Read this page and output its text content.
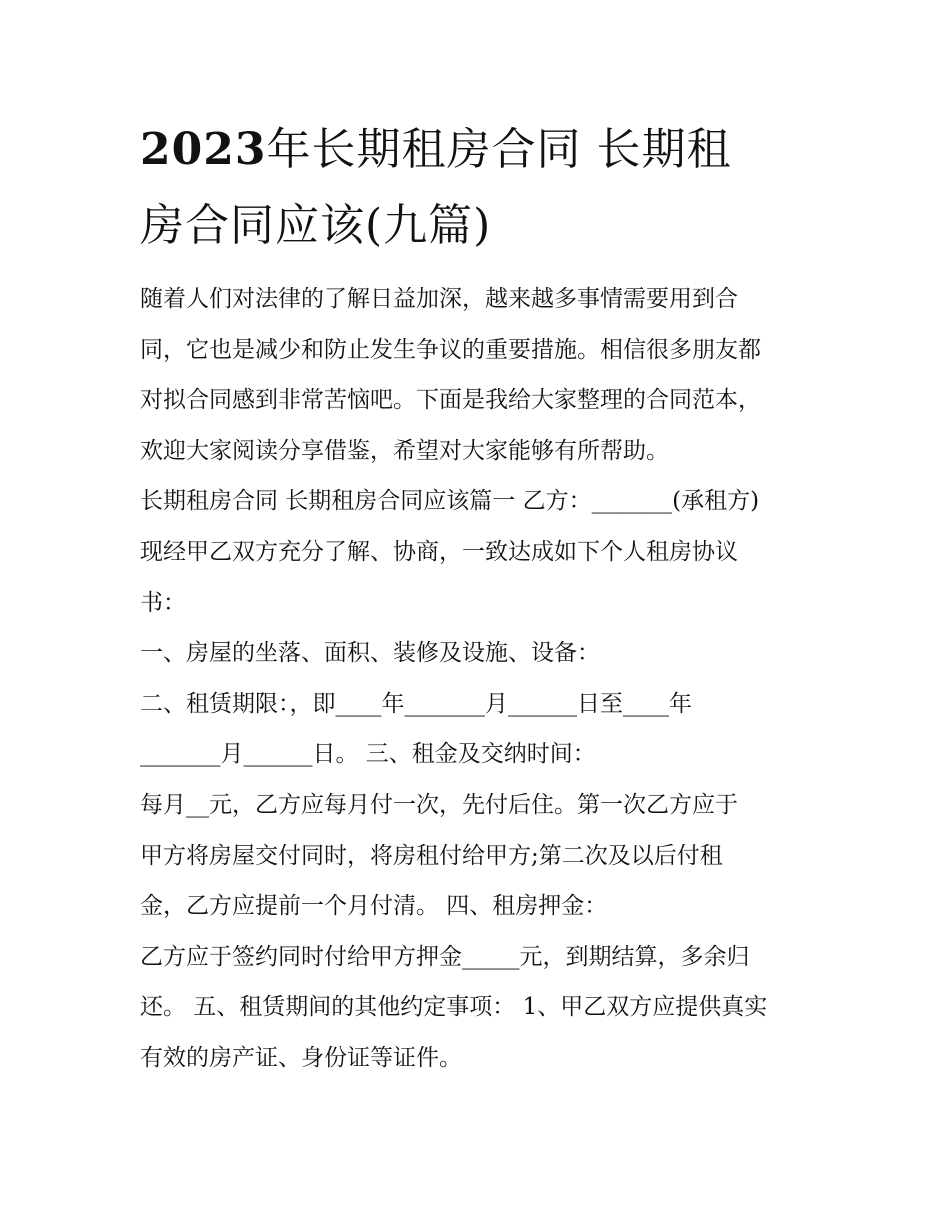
2023年长期租房合同 长期租
房合同应该(九篇)
随着人们对法律的了解日益加深，越来越多事情需要用到合
同，它也是减少和防止发生争议的重要措施。相信很多朋友都
对拟合同感到非常苦恼吧。下面是我给大家整理的合同范本，
欢迎大家阅读分享借鉴，希望对大家能够有所帮助。
长期租房合同 长期租房合同应该篇一 乙方：_______(承租方)
现经甲乙双方充分了解、协商，一致达成如下个人租房协议
书：
一、房屋的坐落、面积、装修及设施、设备：
二、租赁期限：，即____年_______月______日至____年
_______月______日。 三、租金及交纳时间：
每月__元，乙方应每月付一次，先付后住。第一次乙方应于
甲方将房屋交付同时，将房租付给甲方;第二次及以后付租
金，乙方应提前一个月付清。 四、租房押金：
乙方应于签约同时付给甲方押金_____元，到期结算，多余归
还。 五、租赁期间的其他约定事项： 1、甲乙双方应提供真实
有效的房产证、身份证等证件。
